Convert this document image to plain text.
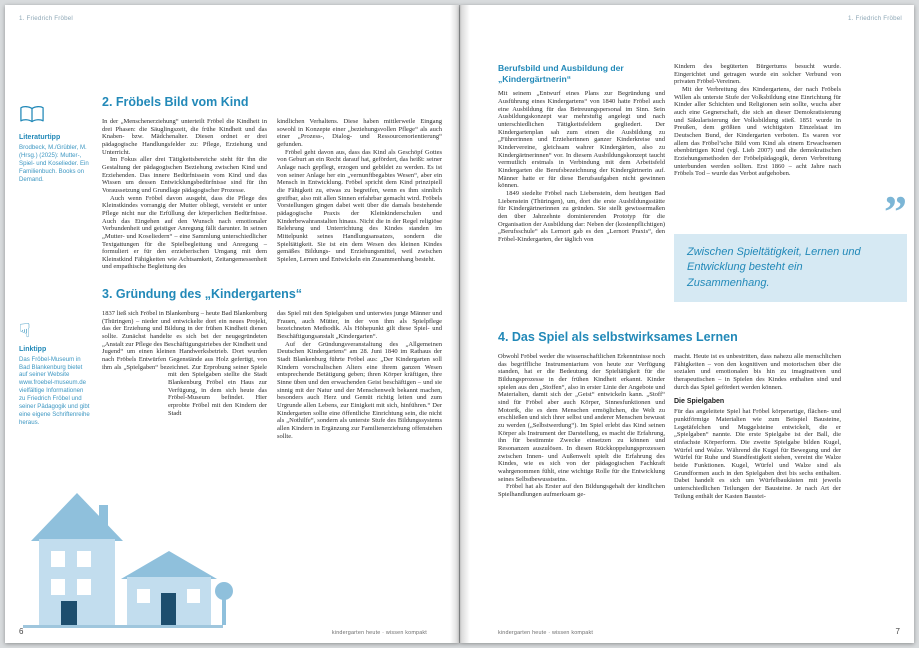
1. Friedrich Fröbel
Literaturtipp
Brodbeck, M./Grübler, M. (Hrsg.) (2025): Mutter-, Spiel- und Koselieder. Ein Familienbuch. Books on Demand.
☟
Linktipp
Das Fröbel-Museum in Bad Blankenburg bietet auf seiner Website www.froebel-museum.de vielfältige Informationen zu Friedrich Fröbel und seiner Pädagogik und gibt eine eigene Schriftenreihe heraus.
2. Fröbels Bild vom Kind

In der „Menschenerziehung“ unterteilt Fröbel die Kindheit in drei Phasen: die Säuglingszeit, die frühe Kindheit und das Knaben- bzw. Mädchenalter. Diesen ordnet er drei pädagogische Handlungsfelder zu: Pflege, Erziehung und Unterricht.

Im Fokus aller drei Tätigkeitsbereiche steht für ihn die Gestaltung der pädagogischen Beziehung zwischen Kind und Erziehenden. Das innere Bedürfnissein vom Kind und das Wissen um dessen Entwicklungsbedürfnisse sind für ihn Voraussetzung und Grundlage pädagogischer Prozesse.

Auch wenn Fröbel davon ausgeht, dass die Pflege des Kleinstkindes vorrangig der Mutter obliegt, versteht er unter Pflege nicht nur die Erfüllung der körperlichen Bedürfnisse. Auch das Eingehen auf den Wunsch nach emotionaler Verbundenheit und geistiger Anregung fällt darunter. In seinen „Mutter- und Koseliedern“ – eine Sammlung unterschiedlicher Textgattungen für die Spielbegleitung und Anregung – formuliert er für den erzieherischen Umgang mit dem Kleinstkind Fähigkeiten wie Achtsamkeit, Zeitangemessenheit und empathische Begleitung des

kindlichen Verhaltens. Diese haben mittlerweile Eingang sowohl in Konzepte einer „beziehungsvollen Pflege“ als auch einer „Prozess-, Dialog- und Ressourcenorientierung“ gefunden.

Fröbel geht davon aus, dass das Kind als Geschöpf Gottes von Geburt an ein Recht darauf hat, gefördert, das heißt: seiner Anlage nach gepflegt, erzogen und gebildet zu werden. Es ist von seiner Anlage her ein „vernunftbegabtes Wesen“, aber ein Mensch in Entwicklung. Fröbel spricht dem Kind prinzipiell die Fähigkeit zu, etwas zu begreifen, wenn es ihm sinnlich greifbar, also mit allen Sinnen erfahrbar gemacht wird. Fröbels Vorstellungen gingen dabei weit über die damals bestehende pädagogische Praxis der Kleinkinderschulen und Kinderbewahranstalten hinaus. Nicht die in der Regel religiöse Belehrung und Unterrichtung des Kindes standen im Mittelpunkt seines Handlungsansatzes, sondern die Spieltätigkeit. Sie ist ein dem Wesen des kleinen Kindes gemäßes Bildungs- und Erziehungsmittel, weil zwischen Spielen, Lernen und Entwickeln ein Zusammenhang besteht.

3. Gründung des „Kindergartens“

1837 ließ sich Fröbel in Blankenburg – heute Bad Blankenburg (Thüringen) – nieder und entwickelte dort ein neues Projekt, das der Erziehung und Bildung in der frühen Kindheit dienen sollte. Zunächst handelte es sich bei der neugegründeten „Anstalt zur Pflege des Beschäftigungstriebes der Kindheit und Jugend“ um einen kleinen Handwerksbetrieb. Dort wurden nach Fröbels Entwürfen Gegenstände aus Holz gefertigt, von ihm als „Spielgaben“ bezeichnet. Zur Erprobung seiner Spiele mit den Spielgaben stellte die Stadt Blankenburg Fröbel ein Haus zur Verfügung, in dem sich heute das Fröbel-Museum befindet. Hier erprobte Fröbel mit den Kindern der Stadt

das Spiel mit den Spielgaben und unterwies junge Männer und Frauen, auch Mütter, in der von ihm als Spielpflege bezeichneten Methodik. Als Höhepunkt gilt diese Spiel- und Beschäftigungsanstalt „Kindergarten“.

Auf der Gründungsveranstaltung des „Allgemeinen Deutschen Kindergartens“ am 28. Juni 1840 im Rathaus der Stadt Blankenburg führte Fröbel aus: „Der Kindergarten soll Kindern vorschulischen Alters eine ihrem ganzen Wesen entsprechende Betätigung geben; ihren Körper kräftigen, ihre Sinne üben und den erwachenden Geist beschäftigen – und sie sinnig mit der Natur und der Menschenwelt bekannt machen, besonders auch Herz und Gemüt richtig leiten und zum Urgrunde allen Lebens, zur Einigkeit mit sich, hinführen.“ Der Kindergarten sollte eine öffentliche Einrichtung sein, die nicht als „Nothilfe“, sondern als unterste Stufe des Bildungssystems allen Kindern in Ergänzung zur Familienerziehung offenstehen sollte.

6	kindergarten heute · wissen kompakt
1. Friedrich Fröbel
Berufsbild und Ausbildung der „Kindergärtnerin“

Mit seinem „Entwurf eines Plans zur Begründung und Ausführung eines Kindergartens“ von 1840 hatte Fröbel auch eine Ausbildung für das Betreuungspersonal im Sinn. Sein Ausbildungskonzept war mehrstufig angelegt und nach unterschiedlichen Tätigkeitsfeldern gegliedert. Der Kindergartenplan sah zum einen die Ausbildung zu „Führerinnen und Erzieherinnen ganzer Kinderkreise und Kindervereine, gleichsam wahrer Kindergärten, also zu Kindergärtnerinnen“ vor. In diesem Ausbildungskonzept taucht vermutlich erstmals in Verbindung mit dem Arbeitsfeld Kindergarten die Berufsbezeichnung der Kindergärtnerin auf. Männer hatte er für diese Berufsaufgaben nicht gewinnen können.

1849 siedelte Fröbel nach Liebenstein, dem heutigen Bad Liebenstein (Thüringen), um, dort die erste Ausbildungsstätte für Kindergärtnerinnen zu gründen. Sie stellt gewissermaßen den über Jahrzehnte dominierenden Prototyp für die Organisation der Ausbildung dar: Neben der (kostenpflichtigen) „Berufsschule“ als Lernort gab es den „Lernort Praxis“, den Fröbel-Kindergarten, der täglich von

Kindern des begüterten Bürgertums besucht wurde. Eingerichtet und getragen wurde ein solcher Verbund von privaten Fröbel-Vereinen.

Mit der Verbreitung des Kindergartens, der nach Fröbels Willen als unterste Stufe der Volksbildung eine Einrichtung für Kinder aller Schichten und Religionen sein sollte, wuchs aber auch eine Gegnerschaft, die sich an dieser Demokratisierung und Säkularisierung der Volksbildung stieß. 1851 wurde in Preußen, dem größten und wichtigsten Einzelstaat im Deutschen Bund, der Kindergarten verboten. Es waren vor allem das Fröbel’sche Bild vom Kind als einem Erwachsenen ebenbürtigen Kind (vgl. Lieb 2007) und die demokratischen Erziehungsmethoden der Fröbelpädagogik, deren Verbreitung unterbunden werden sollten. Erst 1860 – acht Jahre nach Fröbels Tod – wurde das Verbot aufgehoben.

”
Zwischen Spieltätigkeit, Lernen und Entwicklung besteht ein Zusammenhang.
4. Das Spiel als selbstwirksames Lernen

Obwohl Fröbel weder die wissenschaftlichen Erkenntnisse noch das begriffliche Instrumentarium von heute zur Verfügung standen, hat er die Bedeutung der Spieltätigkeit für die Bildungsprozesse in der frühen Kindheit erkannt. Kinder spielen aus den „Stoffen“, also in erster Linie der Angebote und Materialien, damit sich der „Geist“ entwickeln kann. „Stoff“ sind für Fröbel aber auch Körper, Sinnesfunktionen und Motorik, die es dem Menschen ermöglichen, die Welt zu erschließen und sich ihrer selbst und anderer Menschen bewusst zu werden („Selbstwerdung“). Im Spiel erlebt das Kind seinen Körper als Instrument der Darstellung, es macht die Erfahrung, ihn für bestimmte Zwecke einsetzen zu können und Resonanzen auszulösen. In diesen Rückkoppelungsprozessen zwischen Innen- und Außenwelt spielt die Erfahrung des Kindes, wie es sich von der pädagogischen Fachkraft wahrgenommen fühlt, eine wichtige Rolle für die Entwicklung seines Selbstbewusstseins.

Fröbel hat als Erster auf den Bildungsgehalt der kindlichen Spielhandlungen aufmerksam ge-

macht. Heute ist es unbestritten, dass nahezu alle menschlichen Fähigkeiten – von den kognitiven und motorischen über die sozialen und emotionalen bis hin zu imaginativen und therapeutischen – in Spielen des Kindes enthalten sind und durch das Spiel gefördert werden können.

Die Spielgaben

Für das angeleitete Spiel hat Fröbel körperartige, flächen- und punktförmige Materialien wie zum Beispiel Bausteine, Legetäfelchen und Muggelsteine entwickelt, die er „Spielgaben“ nannte. Die erste Spielgabe ist der Ball, die einfachste Körperform. Die zweite Spielgabe bilden Kugel, Würfel und Walze. Während die Kugel für Bewegung und der Würfel für Ruhe und Standfestigkeit stehen, vereint die Walze beide Funktionen. Kugel, Würfel und Walze sind als Grundformen auch in den Spielgaben drei bis sechs enthalten. Dabei handelt es sich um Würfelbaukästen mit jeweils unterschiedlichen Teilungen der Bausteine. Je nach Art der Teilung enthält der Kasten Baustei-

kindergarten heute · wissen kompakt	7
